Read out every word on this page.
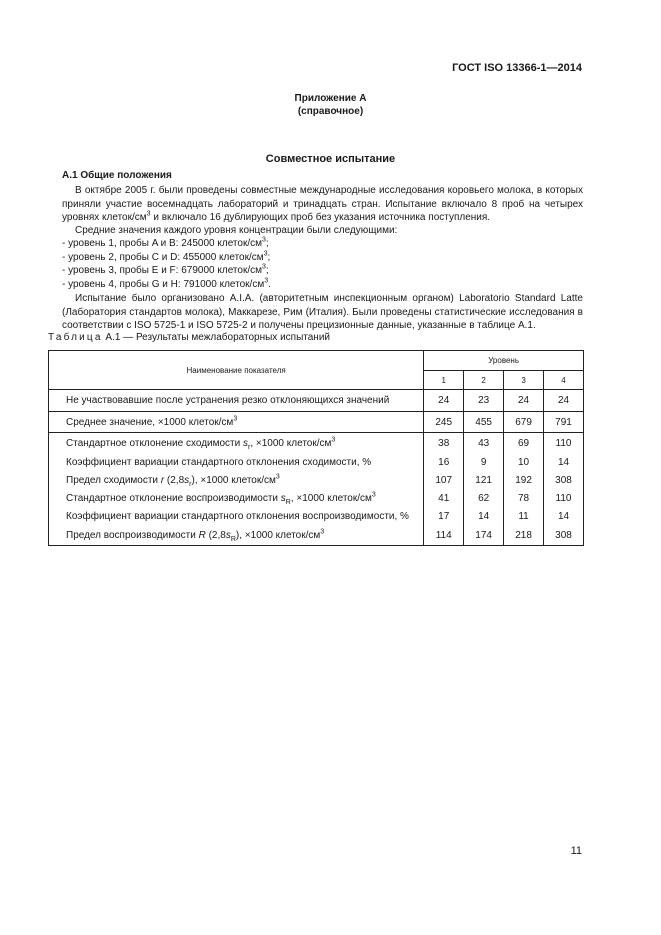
ГОСТ ISO 13366-1—2014
Приложение А
(справочное)
Совместное испытание
А.1 Общие положения
В октябре 2005 г. были проведены совместные международные исследования коровьего молока, в которых приняли участие восемнадцать лабораторий и тринадцать стран. Испытание включало 8 проб на четырех уровнях клеток/$см^3$ и включало 16 дублирующих проб без указания источника поступления.
Средние значения каждого уровня концентрации были следующими:
- уровень 1, пробы A и B: 245000 клеток/$см^3$;
- уровень 2, пробы C и D: 455000 клеток/$см^3$;
- уровень 3, пробы E и F: 679000 клеток/$см^3$;
- уровень 4, пробы G и H: 791000 клеток/$см^3$.
Испытание было организовано A.I.A. (авторитетным инспекционным органом) Laboratorio Standard Latte (Лаборатория стандартов молока), Маккарезе, Рим (Италия). Были проведены статистические исследования в соответствии с ISO 5725-1 и ISO 5725-2 и получены прецизионные данные, указанные в таблице А.1.
Таблица А.1 — Результаты межлабораторных испытаний
Наименование показателя	Уровень			
	1	2	3	4
Не участвовавшие после устранения резко отклоняющихся значений	24	23	24	24
Среднее значение, ×1000 клеток/$см^3$	245	455	679	791
Стандартное отклонение сходимости $s_r$, ×1000 клеток/$см^3$	38	43	69	110
Коэффициент вариации стандартного отклонения сходимости, %	16	9	10	14
Предел сходимости r $(2,8s_r)$, ×1000 клеток/$см^3$	107	121	192	308
Стандартное отклонение воспроизводимости $s_R$, ×1000 клеток/$см^3$	41	62	78	110
Коэффициент вариации стандартного отклонения воспроизводимости, %	17	14	11	14
Предел воспроизводимости R $(2,8s_R)$, ×1000 клеток/$см^3$	114	174	218	308
11
